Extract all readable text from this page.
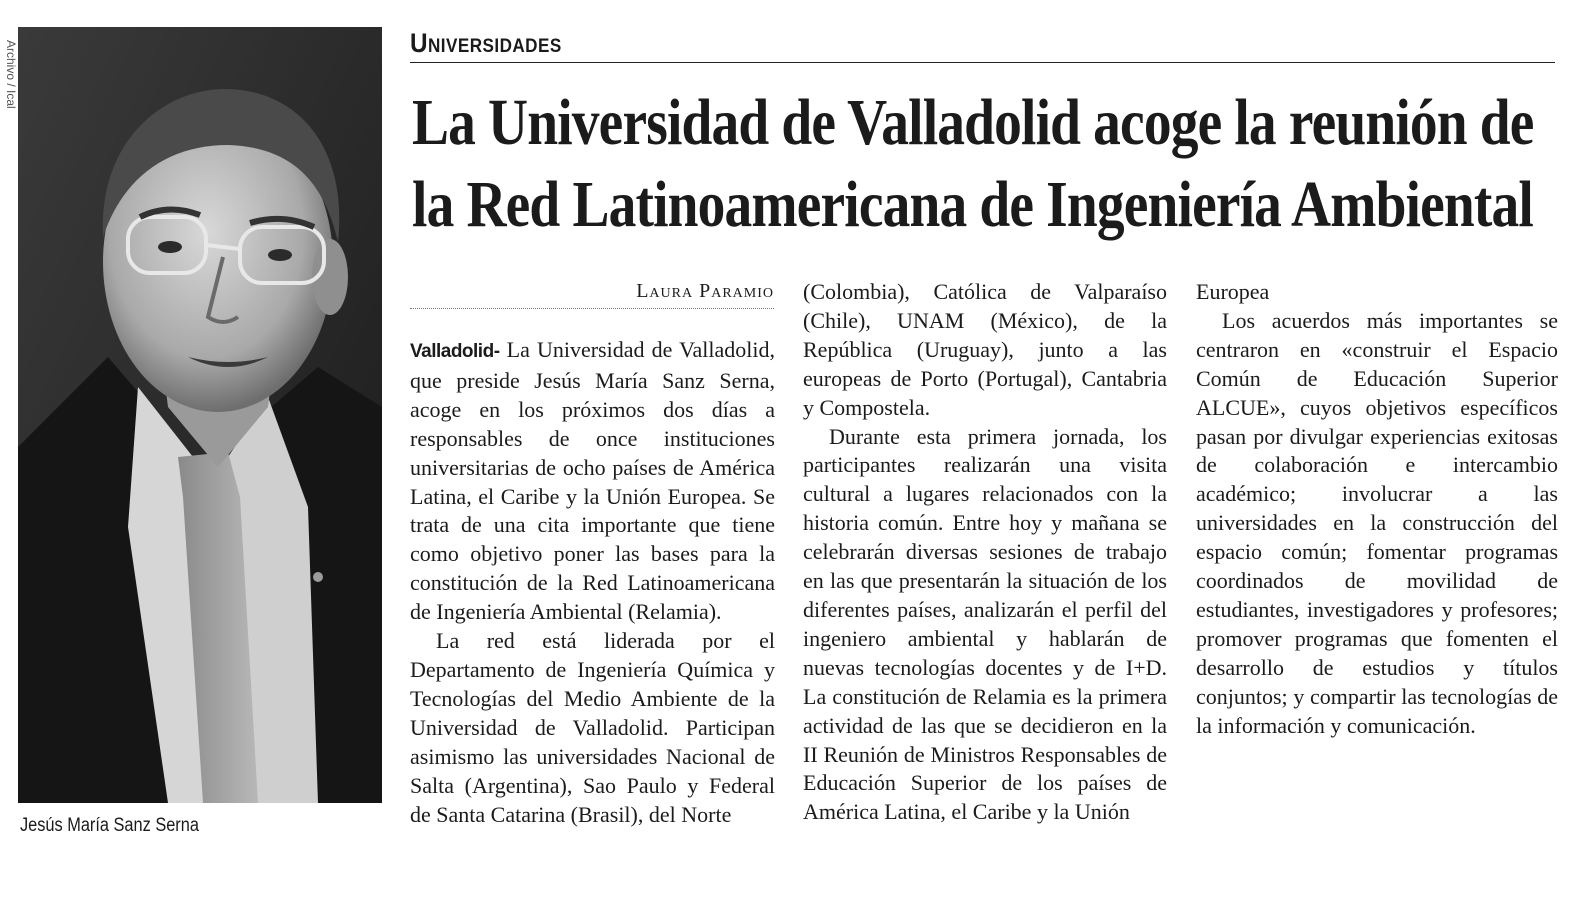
Archivo / Ical
Jesús María Sanz Serna
Universidades
La Universidad de Valladolid acoge la reunión de
la Red Latinoamericana de Ingeniería Ambiental
Laura Paramio

Valladolid- La Universidad de Valladolid, que preside Jesús María Sanz Serna, acoge en los próximos dos días a responsables de once instituciones universitarias de ocho países de América Latina, el Caribe y la Unión Europea. Se trata de una cita importante que tiene como objetivo poner las bases para la constitución de la Red Latinoamericana de Ingeniería Ambiental (Relamia).

La red está liderada por el Departamento de Ingeniería Química y Tecnologías del Medio Ambiente de la Universidad de Valladolid. Participan asimismo las universidades Nacional de Salta (Argentina), Sao Paulo y Federal de Santa Catarina (Brasil), del Norte

(Colombia), Católica de Valparaíso (Chile), UNAM (México), de la República (Uruguay), junto a las europeas de Porto (Portugal), Cantabria y Compostela.

Durante esta primera jornada, los participantes realizarán una visita cultural a lugares relacionados con la historia común. Entre hoy y mañana se celebrarán diversas sesiones de trabajo en las que presentarán la situación de los diferentes países, analizarán el perfil del ingeniero ambiental y hablarán de nuevas tecnologías docentes y de I+D. La constitución de Relamia es la primera actividad de las que se decidieron en la II Reunión de Ministros Responsables de Educación Superior de los países de América Latina, el Caribe y la Unión

Europea

Los acuerdos más importantes se centraron en «construir el Espacio Común de Educación Superior ALCUE», cuyos objetivos específicos pasan por divulgar experiencias exitosas de colaboración e intercambio académico; involucrar a las universidades en la construcción del espacio común; fomentar programas coordinados de movilidad de estudiantes, investigadores y profesores; promover programas que fomenten el desarrollo de estudios y títulos conjuntos; y compartir las tecnologías de la información y comunicación.
